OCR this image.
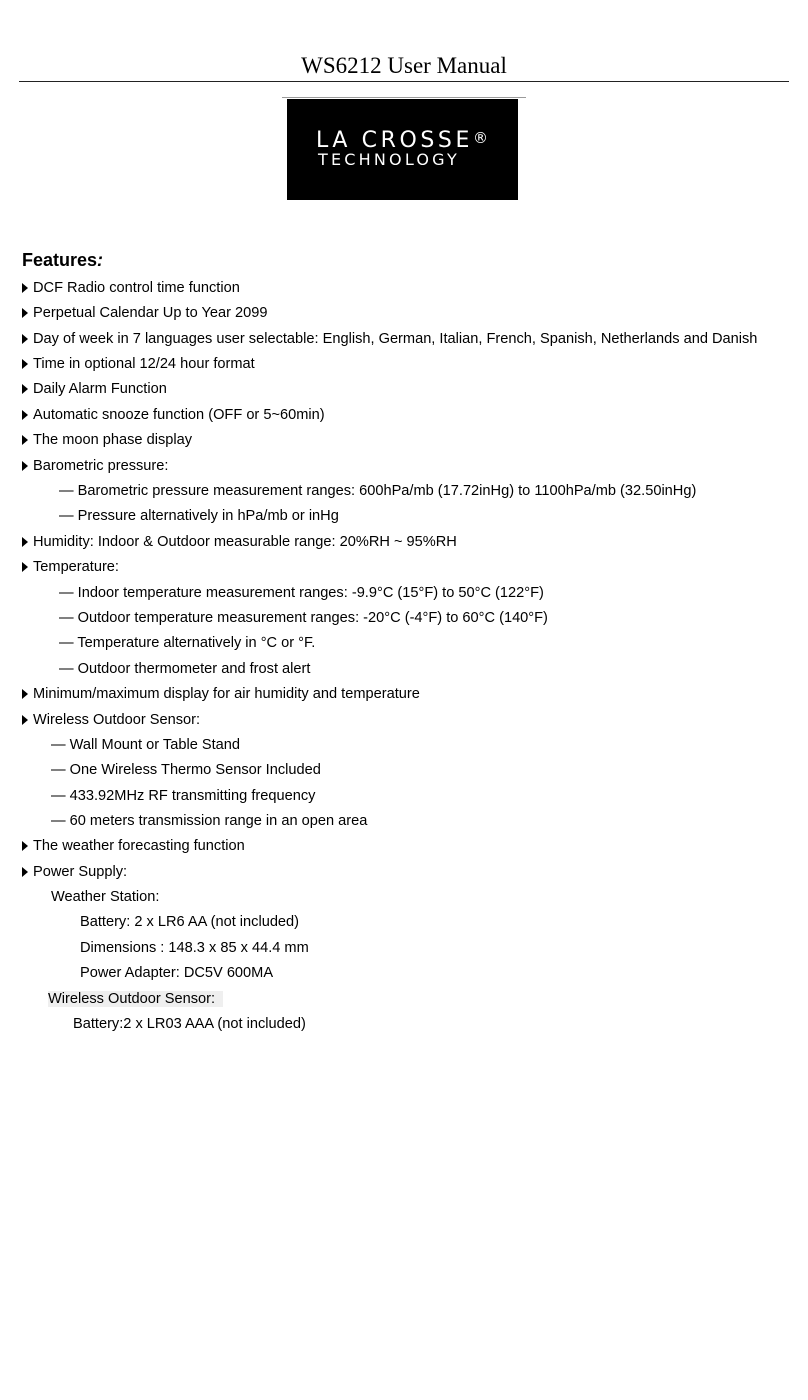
WS6212 User Manual
LA CROSSE®
TECHNOLOGY
Features:
DCF Radio control time function
Perpetual Calendar Up to Year 2099
Day of week in 7 languages user selectable: English, German, Italian, French, Spanish, Netherlands and Danish
Time in optional 12/24 hour format
Daily Alarm Function
Automatic snooze function (OFF or 5~60min)
The moon phase display
Barometric pressure:
— Barometric pressure measurement ranges: 600hPa/mb (17.72inHg) to 1100hPa/mb (32.50inHg)
— Pressure alternatively in hPa/mb or inHg
Humidity: Indoor & Outdoor measurable range: 20%RH ~ 95%RH
Temperature:
— Indoor temperature measurement ranges: -9.9°C (15°F) to 50°C (122°F)
— Outdoor temperature measurement ranges: -20°C (-4°F) to 60°C (140°F)
— Temperature alternatively in °C or °F.
— Outdoor thermometer and frost alert
Minimum/maximum display for air humidity and temperature
Wireless Outdoor Sensor:
— Wall Mount or Table Stand
— One Wireless Thermo Sensor Included
— 433.92MHz RF transmitting frequency
— 60 meters transmission range in an open area
The weather forecasting function
Power Supply:
Weather Station:
Battery: 2 x LR6 AA (not included)
Dimensions : 148.3 x 85 x 44.4 mm
Power Adapter: DC5V 600MA
Wireless Outdoor Sensor:
Battery:2 x LR03 AAA (not included)
